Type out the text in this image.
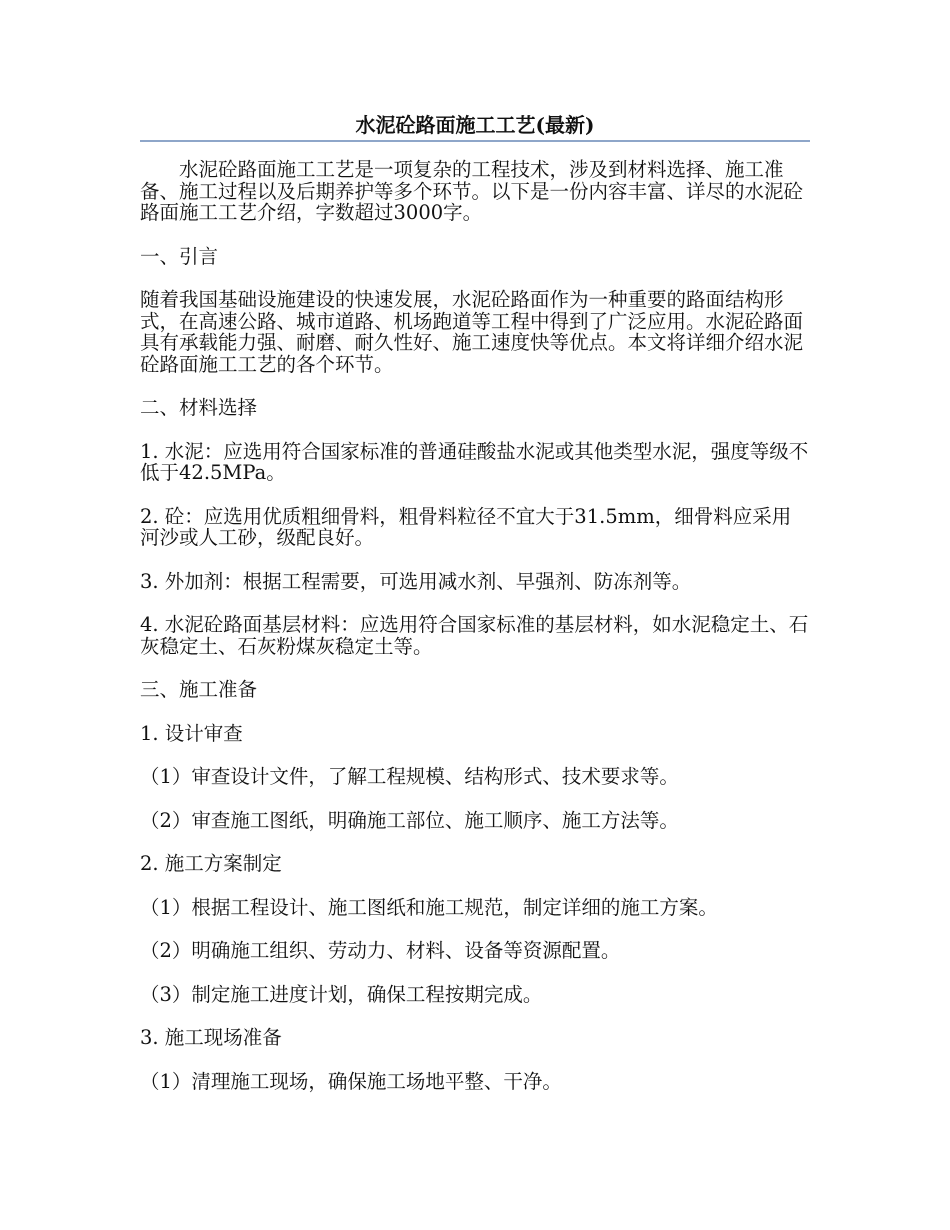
水泥砼路面施工工艺(最新)

水泥砼路面施工工艺是一项复杂的工程技术，涉及到材料选择、施工准备、施工过程以及后期养护等多个环节。以下是一份内容丰富、详尽的水泥砼路面施工工艺介绍，字数超过3000字。

一、引言

随着我国基础设施建设的快速发展，水泥砼路面作为一种重要的路面结构形式，在高速公路、城市道路、机场跑道等工程中得到了广泛应用。水泥砼路面具有承载能力强、耐磨、耐久性好、施工速度快等优点。本文将详细介绍水泥砼路面施工工艺的各个环节。

二、材料选择

1. 水泥：应选用符合国家标准的普通硅酸盐水泥或其他类型水泥，强度等级不低于42.5MPa。

2. 砼：应选用优质粗细骨料，粗骨料粒径不宜大于31.5mm，细骨料应采用河沙或人工砂，级配良好。

3. 外加剂：根据工程需要，可选用减水剂、早强剂、防冻剂等。

4. 水泥砼路面基层材料：应选用符合国家标准的基层材料，如水泥稳定土、石灰稳定土、石灰粉煤灰稳定土等。

三、施工准备

1. 设计审查

（1）审查设计文件，了解工程规模、结构形式、技术要求等。

（2）审查施工图纸，明确施工部位、施工顺序、施工方法等。

2. 施工方案制定

（1）根据工程设计、施工图纸和施工规范，制定详细的施工方案。

（2）明确施工组织、劳动力、材料、设备等资源配置。

（3）制定施工进度计划，确保工程按期完成。

3. 施工现场准备

（1）清理施工现场，确保施工场地平整、干净。
